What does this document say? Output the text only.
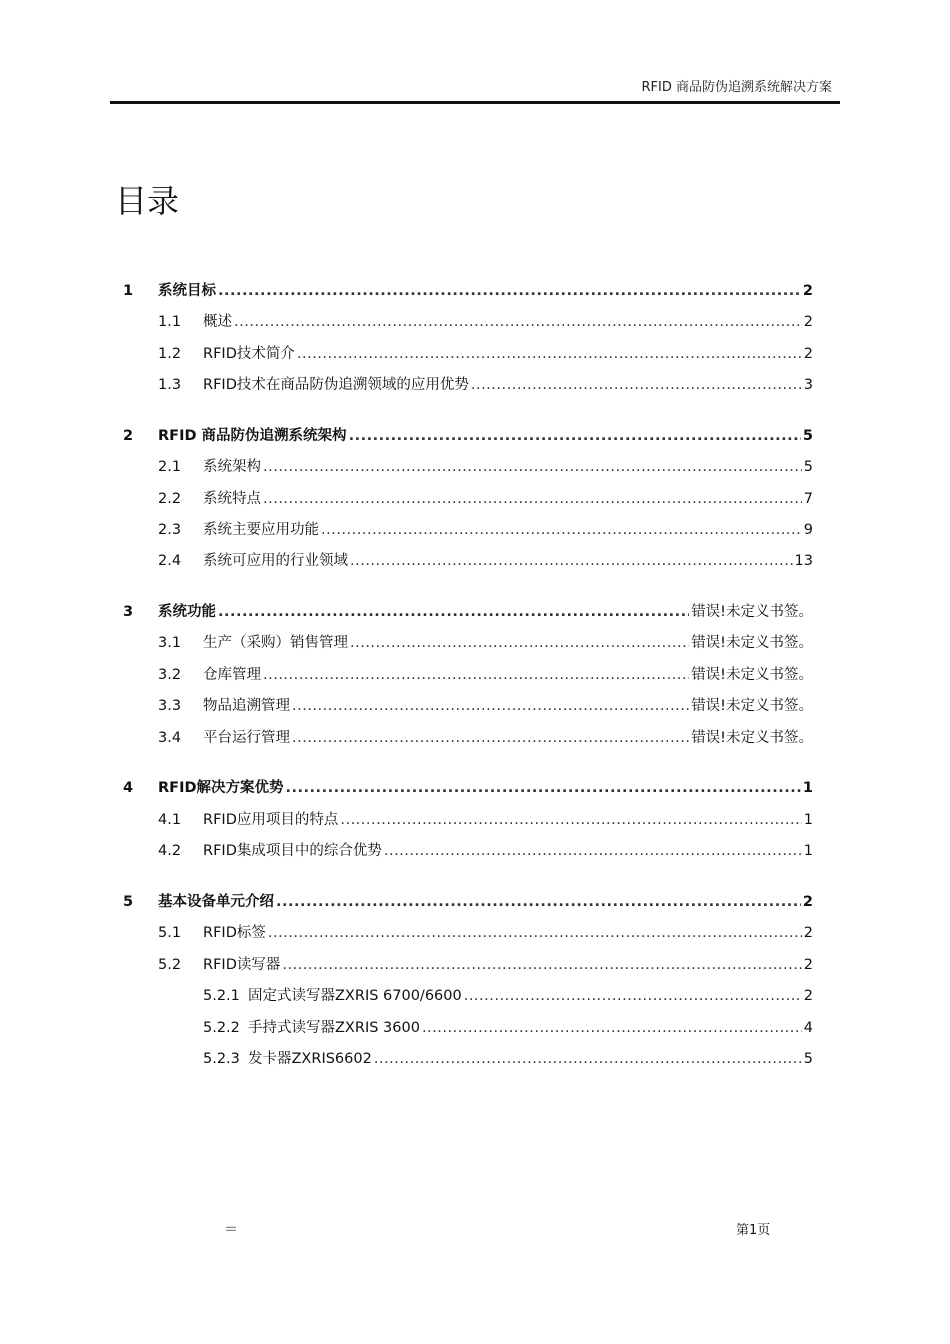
RFID 商品防伪追溯系统解决方案
目录
1	系统目标 .....	2
1.1	概述 .....	2
1.2	RFID技术简介 .....	2
1.3	RFID技术在商品防伪追溯领域的应用优势 .....	3
2	RFID 商品防伪追溯系统架构 .....	5
2.1	系统架构 .....	5
2.2	系统特点 .....	7
2.3	系统主要应用功能 .....	9
2.4	系统可应用的行业领域 .....	13
3	系统功能 .....	错误!未定义书签。
3.1	生产（采购）销售管理 .....	错误!未定义书签。
3.2	仓库管理 .....	错误!未定义书签。
3.3	物品追溯管理 .....	错误!未定义书签。
3.4	平台运行管理 .....	错误!未定义书签。
4	RFID解决方案优势 .....	1
4.1	RFID应用项目的特点 .....	1
4.2	RFID集成项目中的综合优势 .....	1
5	基本设备单元介绍 .....	2
5.1	RFID标签 .....	2
5.2	RFID读写器 .....	2
5.2.1 固定式读写器ZXRIS 6700/6600 .....	2
5.2.2 手持式读写器ZXRIS 3600 .....	4
5.2.3 发卡器ZXRIS6602 .....	5
＝	第1页
